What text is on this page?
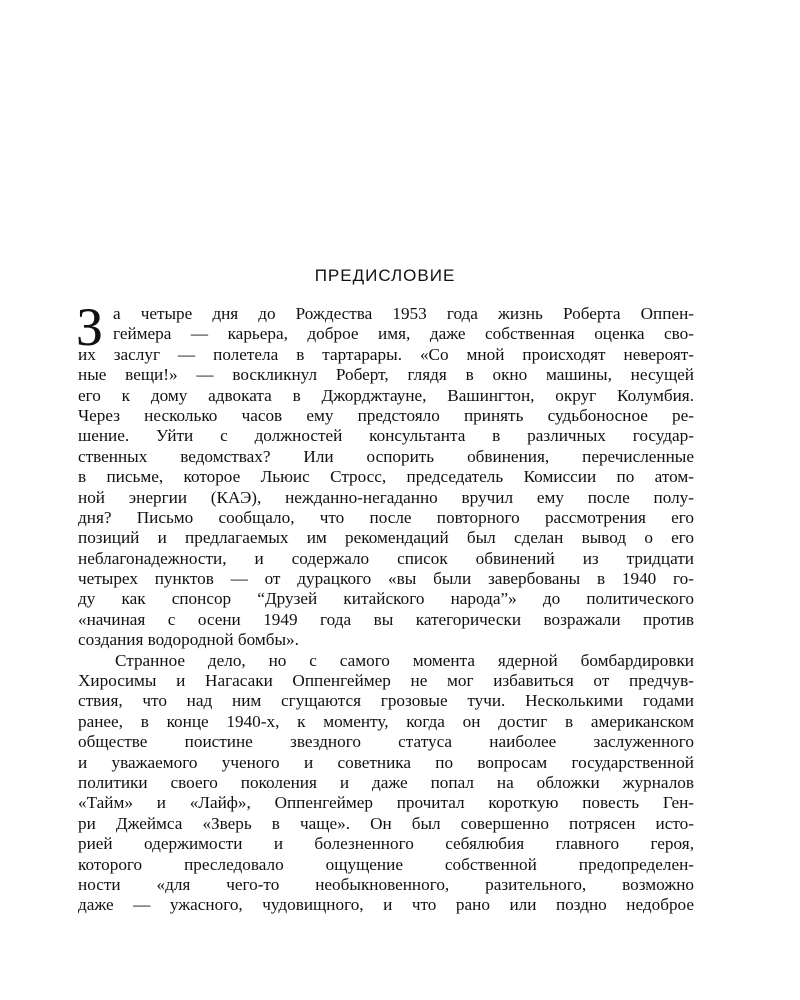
ПРЕДИСЛОВИЕ
З а четыре дня до Рождества 1953 года жизнь Роберта Оппен-
геймера — карьера, доброе имя, даже собственная оценка сво-
их заслуг — полетела в тартарары. «Со мной происходят невероят-
ные вещи!» — воскликнул Роберт, глядя в окно машины, несущей
его к дому адвоката в Джорджтауне, Вашингтон, округ Колумбия.
Через несколько часов ему предстояло принять судьбоносное ре-
шение. Уйти с должностей консультанта в различных государ-
ственных ведомствах? Или оспорить обвинения, перечисленные
в письме, которое Льюис Стросс, председатель Комиссии по атом-
ной энергии (КАЭ), нежданно-негаданно вручил ему после полу-
дня? Письмо сообщало, что после повторного рассмотрения его
позиций и предлагаемых им рекомендаций был сделан вывод о его
неблагонадежности, и содержало список обвинений из тридцати
четырех пунктов — от дурацкого «вы были завербованы в 1940 го-
ду как спонсор “Друзей китайского народа”» до политического
«начиная с осени 1949 года вы категорически возражали против
создания водородной бомбы».
Странное дело, но с самого момента ядерной бомбардировки
Хиросимы и Нагасаки Оппенгеймер не мог избавиться от предчув-
ствия, что над ним сгущаются грозовые тучи. Несколькими годами
ранее, в конце 1940-х, к моменту, когда он достиг в американском
обществе поистине звездного статуса наиболее заслуженного
и уважаемого ученого и советника по вопросам государственной
политики своего поколения и даже попал на обложки журналов
«Тайм» и «Лайф», Оппенгеймер прочитал короткую повесть Ген-
ри Джеймса «Зверь в чаще». Он был совершенно потрясен исто-
рией одержимости и болезненного себялюбия главного героя,
которого преследовало ощущение собственной предопределен-
ности «для чего-то необыкновенного, разительного, возможно
даже — ужасного, чудовищного, и что рано или поздно недоброе
